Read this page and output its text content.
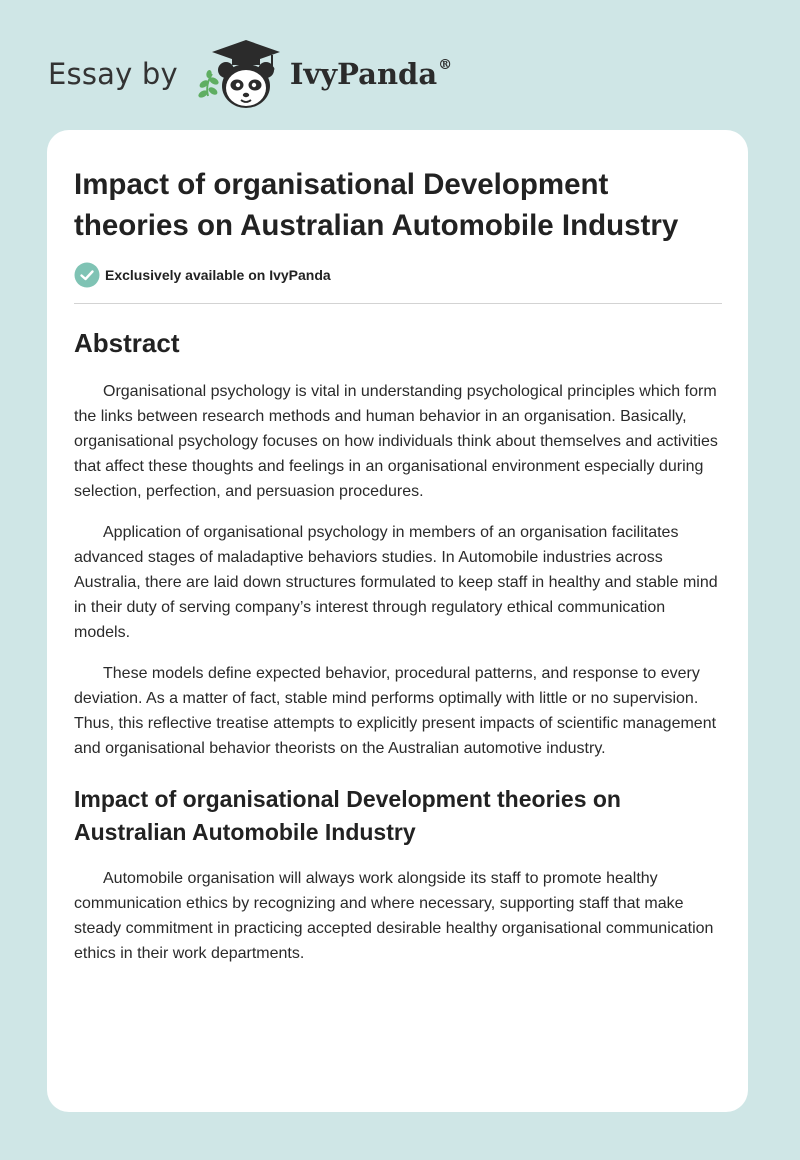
Essay by	IvyPanda®
Impact of organisational Development theories on Australian Automobile Industry
Exclusively available on IvyPanda
Abstract

Organisational psychology is vital in understanding psychological principles which form the links between research methods and human behavior in an organisation. Basically, organisational psychology focuses on how individuals think about themselves and activities that affect these thoughts and feelings in an organisational environment especially during selection, perfection, and persuasion procedures.

Application of organisational psychology in members of an organisation facilitates advanced stages of maladaptive behaviors studies. In Automobile industries across Australia, there are laid down structures formulated to keep staff in healthy and stable mind in their duty of serving company’s interest through regulatory ethical communication models.

These models define expected behavior, procedural patterns, and response to every deviation. As a matter of fact, stable mind performs optimally with little or no supervision. Thus, this reflective treatise attempts to explicitly present impacts of scientific management and organisational behavior theorists on the Australian automotive industry.

Impact of organisational Development theories on Australian Automobile Industry

Automobile organisation will always work alongside its staff to promote healthy communication ethics by recognizing and where necessary, supporting staff that make steady commitment in practicing accepted desirable healthy organisational communication ethics in their work departments.
